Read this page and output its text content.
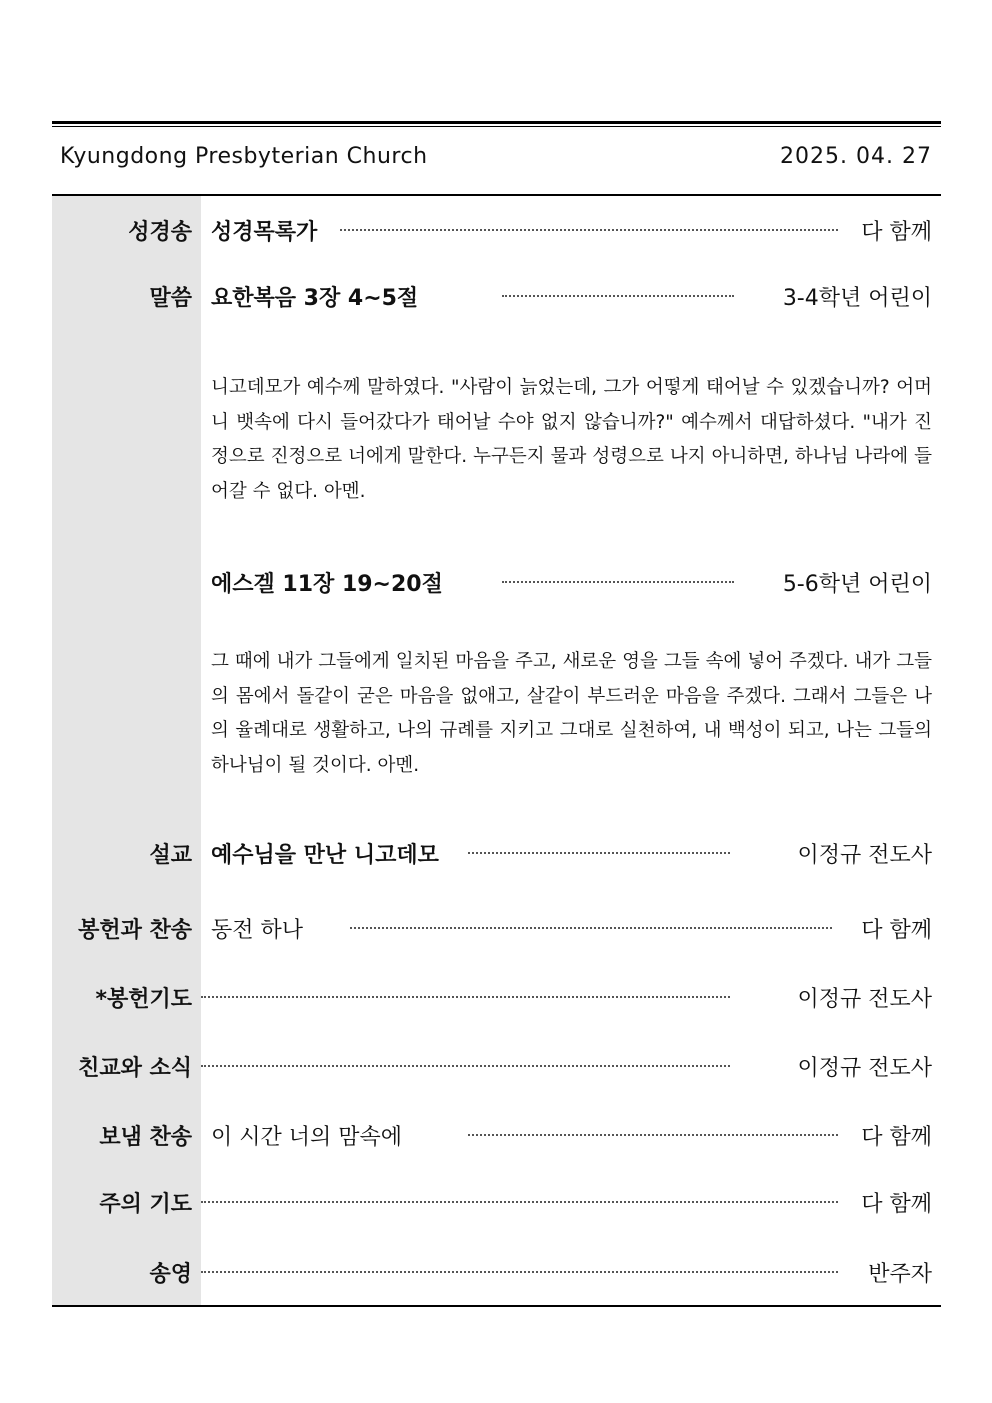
Kyungdong Presbyterian Church	2025. 04. 27
성경송 성경목록가	다 함께
말씀 요한복음 3장 4~5절	3-4학년 어린이
니고데모가 예수께 말하였다. "사람이 늙었는데, 그가 어떻게 태어날 수 있겠습니까? 어머니 뱃속에 다시 들어갔다가 태어날 수야 없지 않습니까?" 예수께서 대답하셨다. "내가 진정으로 진정으로 너에게 말한다. 누구든지 물과 성령으로 나지 아니하면, 하나님 나라에 들어갈 수 없다. 아멘.
에스겔 11장 19~20절	5-6학년 어린이
그 때에 내가 그들에게 일치된 마음을 주고, 새로운 영을 그들 속에 넣어 주겠다. 내가 그들의 몸에서 돌같이 굳은 마음을 없애고, 살같이 부드러운 마음을 주겠다. 그래서 그들은 나의 율례대로 생활하고, 나의 규례를 지키고 그대로 실천하여, 내 백성이 되고, 나는 그들의 하나님이 될 것이다. 아멘.
설교 예수님을 만난 니고데모	이정규 전도사
봉헌과 찬송 동전 하나	다 함께
*봉헌기도	이정규 전도사
친교와 소식	이정규 전도사
보냄 찬송 이 시간 너의 맘속에	다 함께
주의 기도	다 함께
송영	반주자
